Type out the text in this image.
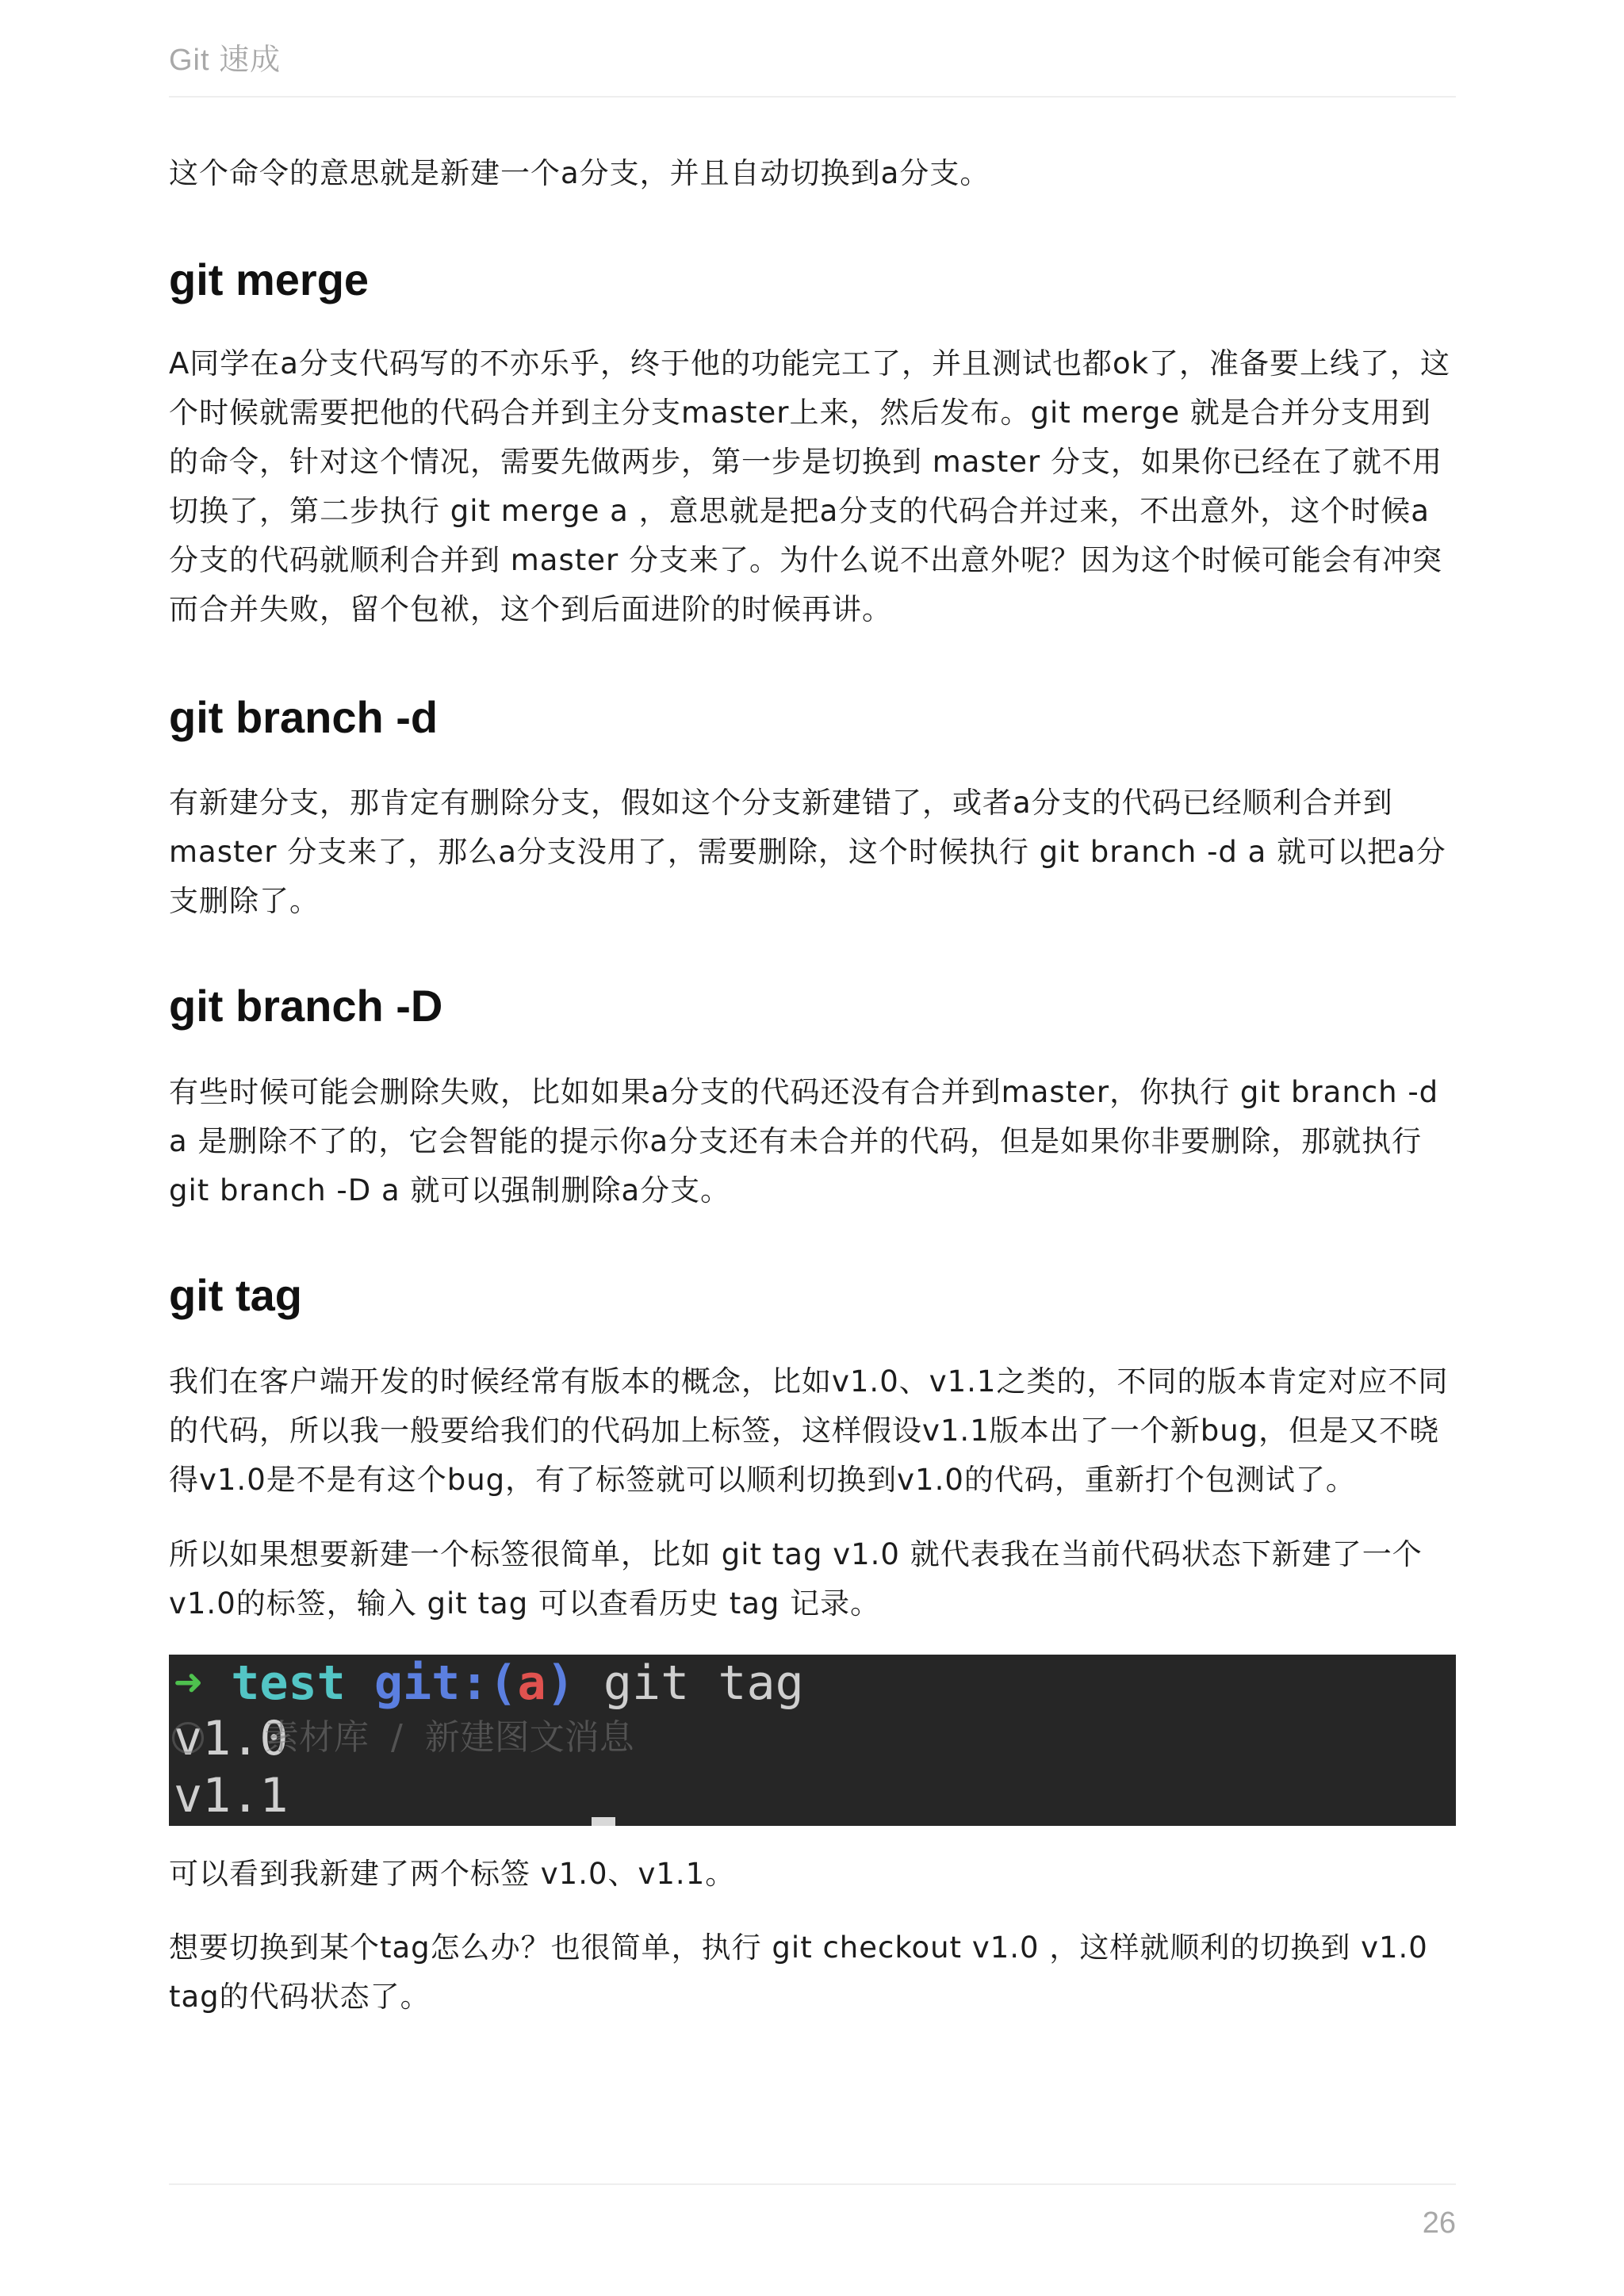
Git 速成

这个命令的意思就是新建一个a分支，并且自动切换到a分支。

git merge

A同学在a分支代码写的不亦乐乎，终于他的功能完工了，并且测试也都ok了，准备要上线了，这个时候就需要把他的代码合并到主分支master上来，然后发布。git merge 就是合并分支用到的命令，针对这个情况，需要先做两步，第一步是切换到 master 分支，如果你已经在了就不用切换了，第二步执行 git merge a ，意思就是把a分支的代码合并过来，不出意外，这个时候a分支的代码就顺利合并到 master 分支来了。为什么说不出意外呢？因为这个时候可能会有冲突而合并失败，留个包袱，这个到后面进阶的时候再讲。

git branch -d

有新建分支，那肯定有删除分支，假如这个分支新建错了，或者a分支的代码已经顺利合并到 master 分支来了，那么a分支没用了，需要删除，这个时候执行 git branch -d a 就可以把a分支删除了。

git branch -D

有些时候可能会删除失败，比如如果a分支的代码还没有合并到master，你执行 git branch -d a 是删除不了的，它会智能的提示你a分支还有未合并的代码，但是如果你非要删除，那就执行 git branch -D a 就可以强制删除a分支。

git tag

我们在客户端开发的时候经常有版本的概念，比如v1.0、v1.1之类的，不同的版本肯定对应不同的代码，所以我一般要给我们的代码加上标签，这样假设v1.1版本出了一个新bug，但是又不晓得v1.0是不是有这个bug，有了标签就可以顺利切换到v1.0的代码，重新打个包测试了。

所以如果想要新建一个标签很简单，比如 git tag v1.0 就代表我在当前代码状态下新建了一个v1.0的标签，输入 git tag 可以查看历史 tag 记录。

➜ test git:(a) git tag
v1.0
v1.1
素材库 / 新建图文消息

可以看到我新建了两个标签 v1.0、v1.1。

想要切换到某个tag怎么办？也很简单，执行 git checkout v1.0 ，这样就顺利的切换到 v1.0 tag的代码状态了。

26
